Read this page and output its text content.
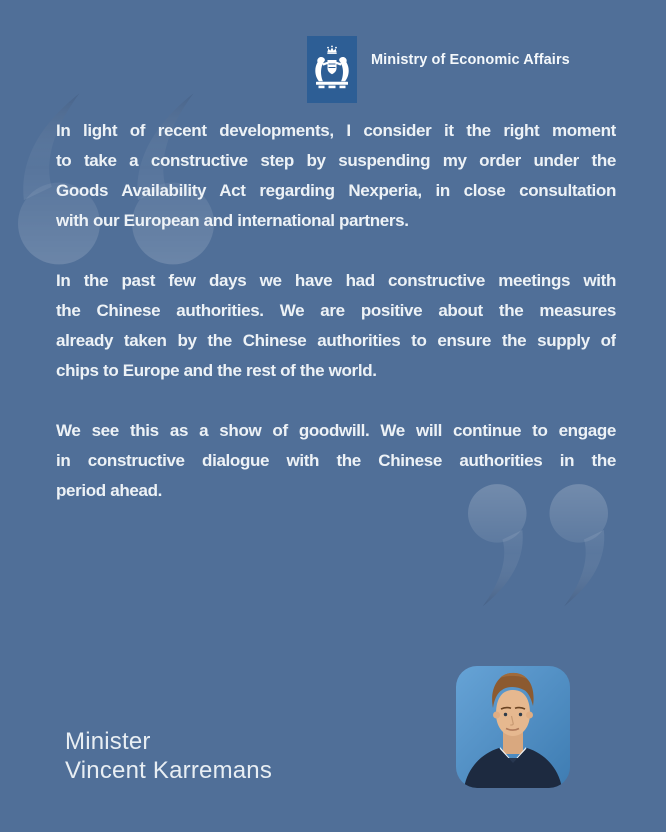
Ministry of Economic Affairs
In light of recent developments, I consider it the right moment
to take a constructive step by suspending my order under the
Goods Availability Act regarding Nexperia, in close consultation
with our European and international partners.
In the past few days we have had constructive meetings with
the Chinese authorities. We are positive about the measures
already taken by the Chinese authorities to ensure the supply of
chips to Europe and the rest of the world.
We see this as a show of goodwill. We will continue to engage
in constructive dialogue with the Chinese authorities in the
period ahead.
Minister
Vincent Karremans
